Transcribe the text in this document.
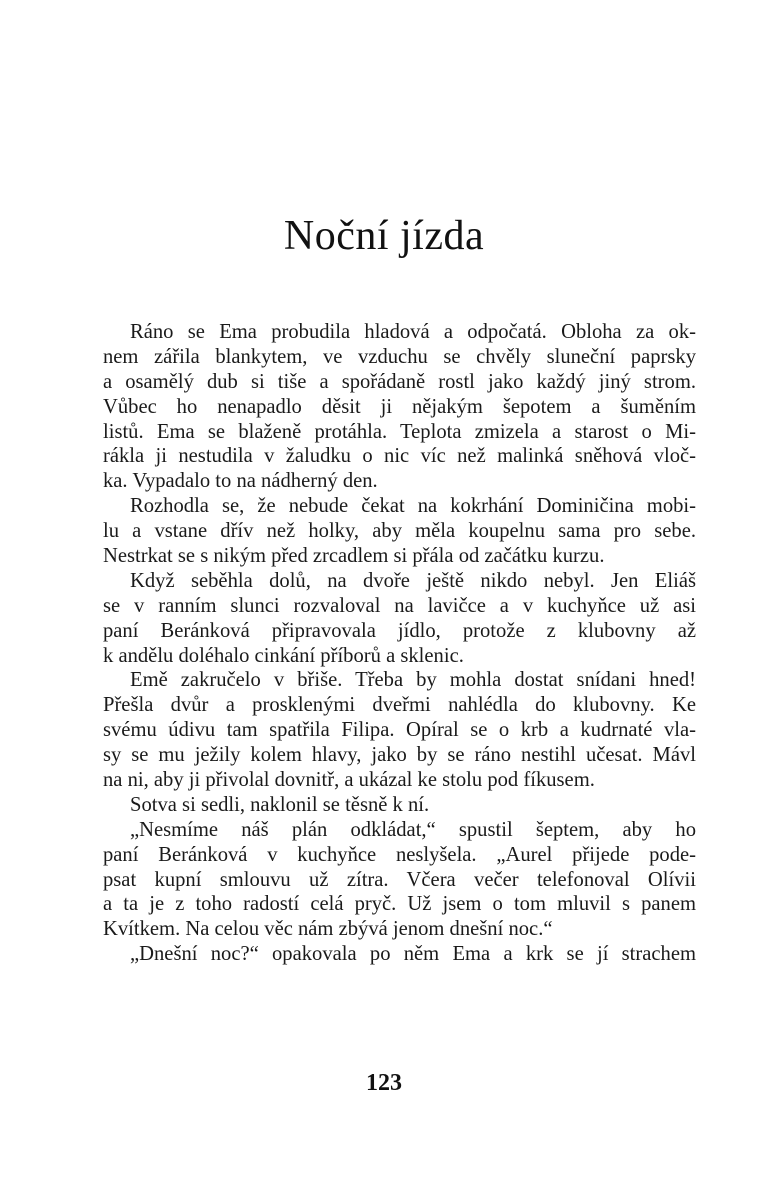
Noční jízda
Ráno se Ema probudila hladová a odpočatá. Obloha za ok-
nem zářila blankytem, ve vzduchu se chvěly sluneční paprsky
a osamělý dub si tiše a spořádaně rostl jako každý jiný strom.
Vůbec ho nenapadlo děsit ji nějakým šepotem a šuměním
listů. Ema se blaženě protáhla. Teplota zmizela a starost o Mi-
rákla ji nestudila v žaludku o nic víc než malinká sněhová vloč-
ka. Vypadalo to na nádherný den.
Rozhodla se, že nebude čekat na kokrhání Dominičina mobi-
lu a vstane dřív než holky, aby měla koupelnu sama pro sebe.
Nestrkat se s nikým před zrcadlem si přála od začátku kurzu.
Když seběhla dolů, na dvoře ještě nikdo nebyl. Jen Eliáš
se v ranním slunci rozvaloval na lavičce a v kuchyňce už asi
paní Beránková připravovala jídlo, protože z klubovny až
k andělu doléhalo cinkání příborů a sklenic.
Emě zakručelo v břiše. Třeba by mohla dostat snídani hned!
Přešla dvůr a prosklenými dveřmi nahlédla do klubovny. Ke
svému údivu tam spatřila Filipa. Opíral se o krb a kudrnaté vla-
sy se mu ježily kolem hlavy, jako by se ráno nestihl učesat. Mávl
na ni, aby ji přivolal dovnitř, a ukázal ke stolu pod fíkusem.
Sotva si sedli, naklonil se těsně k ní.
„Nesmíme náš plán odkládat,“ spustil šeptem, aby ho
paní Beránková v kuchyňce neslyšela. „Aurel přijede pode-
psat kupní smlouvu už zítra. Včera večer telefonoval Olívii
a ta je z toho radostí celá pryč. Už jsem o tom mluvil s panem
Kvítkem. Na celou věc nám zbývá jenom dnešní noc.“
„Dnešní noc?“ opakovala po něm Ema a krk se jí strachem
123
